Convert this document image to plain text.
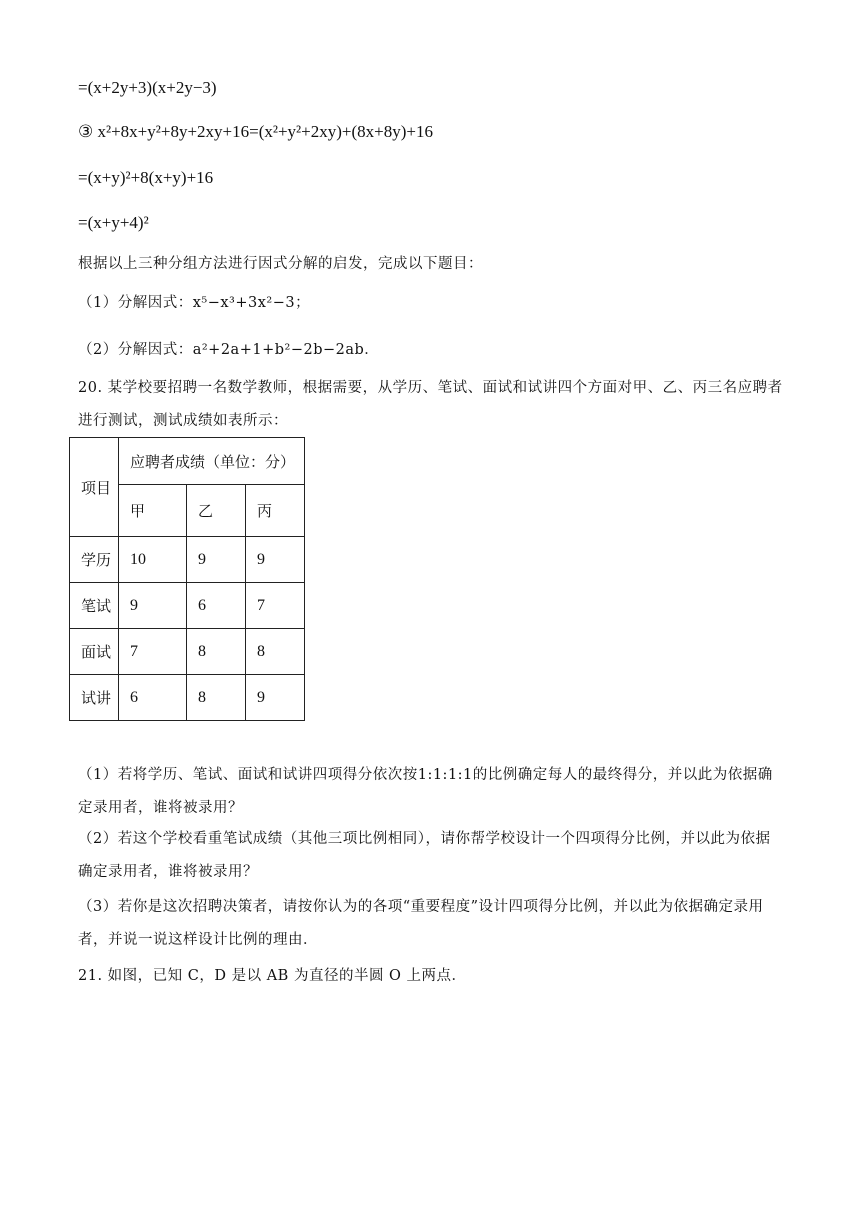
=(x+2y+3)(x+2y−3)
③ x²+8x+y²+8y+2xy+16=(x²+y²+2xy)+(8x+8y)+16
=(x+y)²+8(x+y)+16
=(x+y+4)²
根据以上三种分组方法进行因式分解的启发，完成以下题目：
（1）分解因式：x⁵−x³+3x²−3；
（2）分解因式：a²+2a+1+b²−2b−2ab．
20. 某学校要招聘一名数学教师，根据需要，从学历、笔试、面试和试讲四个方面对甲、乙、丙三名应聘者
进行测试，测试成绩如表所示：
项目	应聘者成绩（单位：分）		
	甲	乙	丙
学历	10	9	9
笔试	9	6	7
面试	7	8	8
试讲	6	8	9
（1）若将学历、笔试、面试和试讲四项得分依次按1:1:1:1的比例确定每人的最终得分，并以此为依据确
定录用者，谁将被录用？
（2）若这个学校看重笔试成绩（其他三项比例相同），请你帮学校设计一个四项得分比例，并以此为依据
确定录用者，谁将被录用？
（3）若你是这次招聘决策者，请按你认为的各项“重要程度”设计四项得分比例，并以此为依据确定录用
者，并说一说这样设计比例的理由．
21. 如图，已知 C，D 是以 AB 为直径的半圆 O 上两点．
